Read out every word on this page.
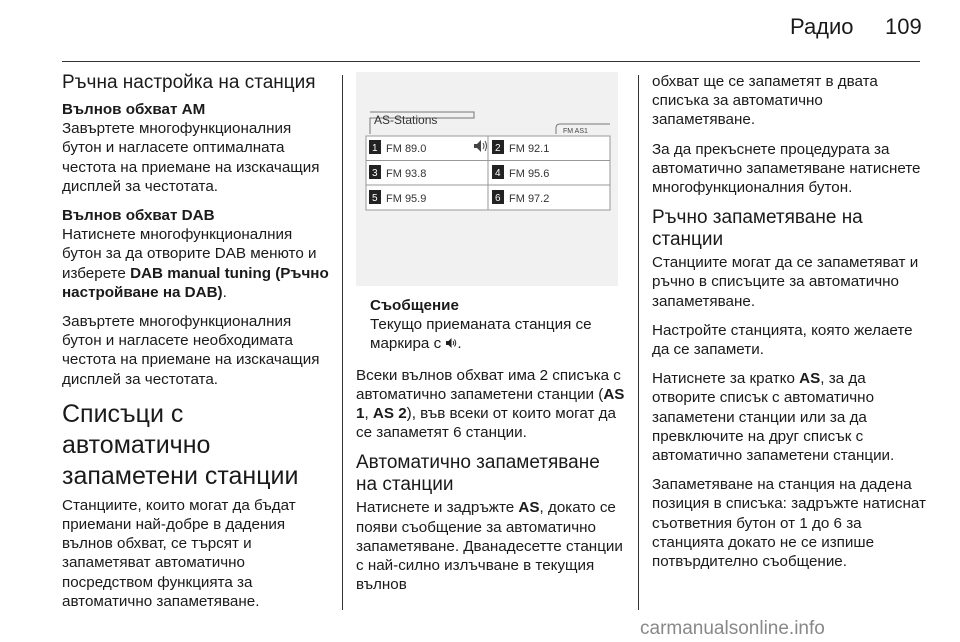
Радио 109
Ръчна настройка на станция
Вълнов обхват АМ

Завъртете многофункционалния бутон и нагласете оптималната честота на приемане на изскачащия дисплей за честотата.

Вълнов обхват DAB

Натиснете многофункционалния бутон за да отворите DAB менюто и изберете DAB manual tuning (Ръчно настройване на DAB).

Завъртете многофункционалния бутон и нагласете необходимата честота на приемане на изскачащия дисплей за честотата.

Списъци с автоматично запаметени станции

Станциите, които могат да бъдат приемани най-добре в дадения вълнов обхват, се търсят и запаметяват автоматично посредством функцията за автоматично запаметяване.

AS-Stations
FM AS1
1 FM 89.0	2 FM 92.1
3 FM 93.8	4 FM 95.6
5 FM 95.9	6 FM 97.2
Съобщение
Текущо приеманата станция се маркира с .

Всеки вълнов обхват има 2 списъка с автоматично запаметени станции (AS 1, AS 2), във всеки от които могат да се запаметят 6 станции.

Автоматично запаметяване на станции

Натиснете и задръжте AS, докато се появи съобщение за автоматично запаметяване. Дванадесетте станции с най-силно излъчване в текущия вълнов

обхват ще се запаметят в двата списъка за автоматично запаметяване.

За да прекъснете процедурата за автоматично запаметяване натиснете многофункционалния бутон.

Ръчно запаметяване на станции

Станциите могат да се запаметяват и ръчно в списъците за автоматично запаметяване.

Настройте станцията, която желаете да се запамети.

Натиснете за кратко AS, за да отворите списък с автоматично запаметени станции или за да превключите на друг списък с автоматично запаметени станции.

Запаметяване на станция на дадена позиция в списъка: задръжте натиснат съответния бутон от 1 до 6 за станцията докато не се изпише потвърдително съобщение.

carmanualsonline.info
